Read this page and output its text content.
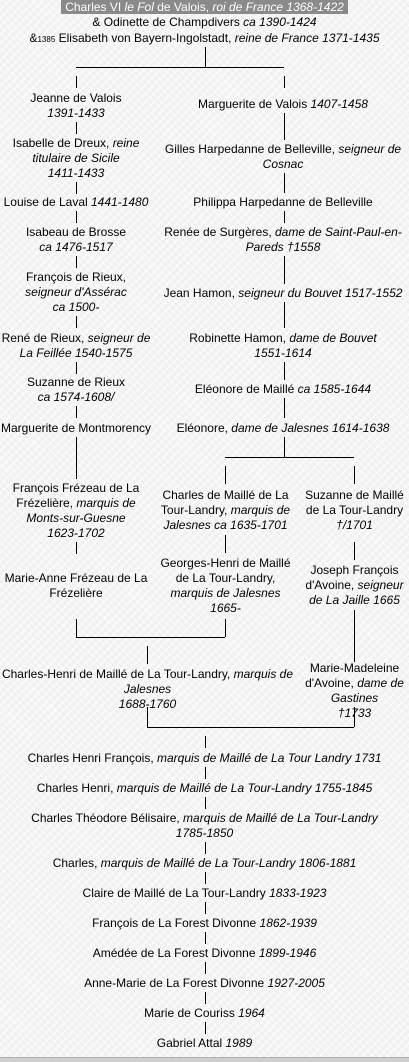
Charles VI le Fol de Valois, roi de France 1368-1422
& Odinette de Champdivers ca 1390-1424
&1385 Elisabeth von Bayern-Ingolstadt, reine de France 1371-1435
Jeanne de Valois
1391-1433
Isabelle de Dreux, reine titulaire de Sicile
1411-1433
Louise de Laval 1441-1480
Isabeau de Brosse
ca 1476-1517
François de Rieux,
seigneur d'Assérac
ca 1500-
René de Rieux, seigneur de La Feillée 1540-1575
Suzanne de Rieux
ca 1574-1608/
Marguerite de Montmorency
François Frézeau de La Frézelière, marquis de Monts-sur-Guesne
1623-1702
Marie-Anne Frézeau de La Frézelière
Marguerite de Valois 1407-1458
Gilles Harpedanne de Belleville, seigneur de Cosnac
Philippa Harpedanne de Belleville
Renée de Surgères, dame de Saint-Paul-en-Pareds †1558
Jean Hamon, seigneur du Bouvet 1517-1552
Robinette Hamon, dame de Bouvet
1551-1614
Eléonore de Maillé ca 1585-1644
Eléonore, dame de Jalesnes 1614-1638
Charles de Maillé de La Tour-Landry, marquis de Jalesnes ca 1635-1701
Georges-Henri de Maillé de La Tour-Landry, marquis de Jalesnes
1665-
Suzanne de Maillé de La Tour-Landry
†/1701
Joseph François d'Avoine, seigneur de La Jaille 1665
Charles-Henri de Maillé de La Tour-Landry, marquis de Jalesnes
1688-1760
Marie-Madeleine d'Avoine, dame de Gastines
†1733
Charles Henri François, marquis de Maillé de La Tour Landry 1731
Charles Henri, marquis de Maillé de La Tour-Landry 1755-1845
Charles Théodore Bélisaire, marquis de Maillé de La Tour-Landry 1785-1850
Charles, marquis de Maillé de La Tour-Landry 1806-1881
Claire de Maillé de La Tour-Landry 1833-1923
François de La Forest Divonne 1862-1939
Amédée de La Forest Divonne 1899-1946
Anne-Marie de La Forest Divonne 1927-2005
Marie de Couriss 1964
Gabriel Attal 1989
